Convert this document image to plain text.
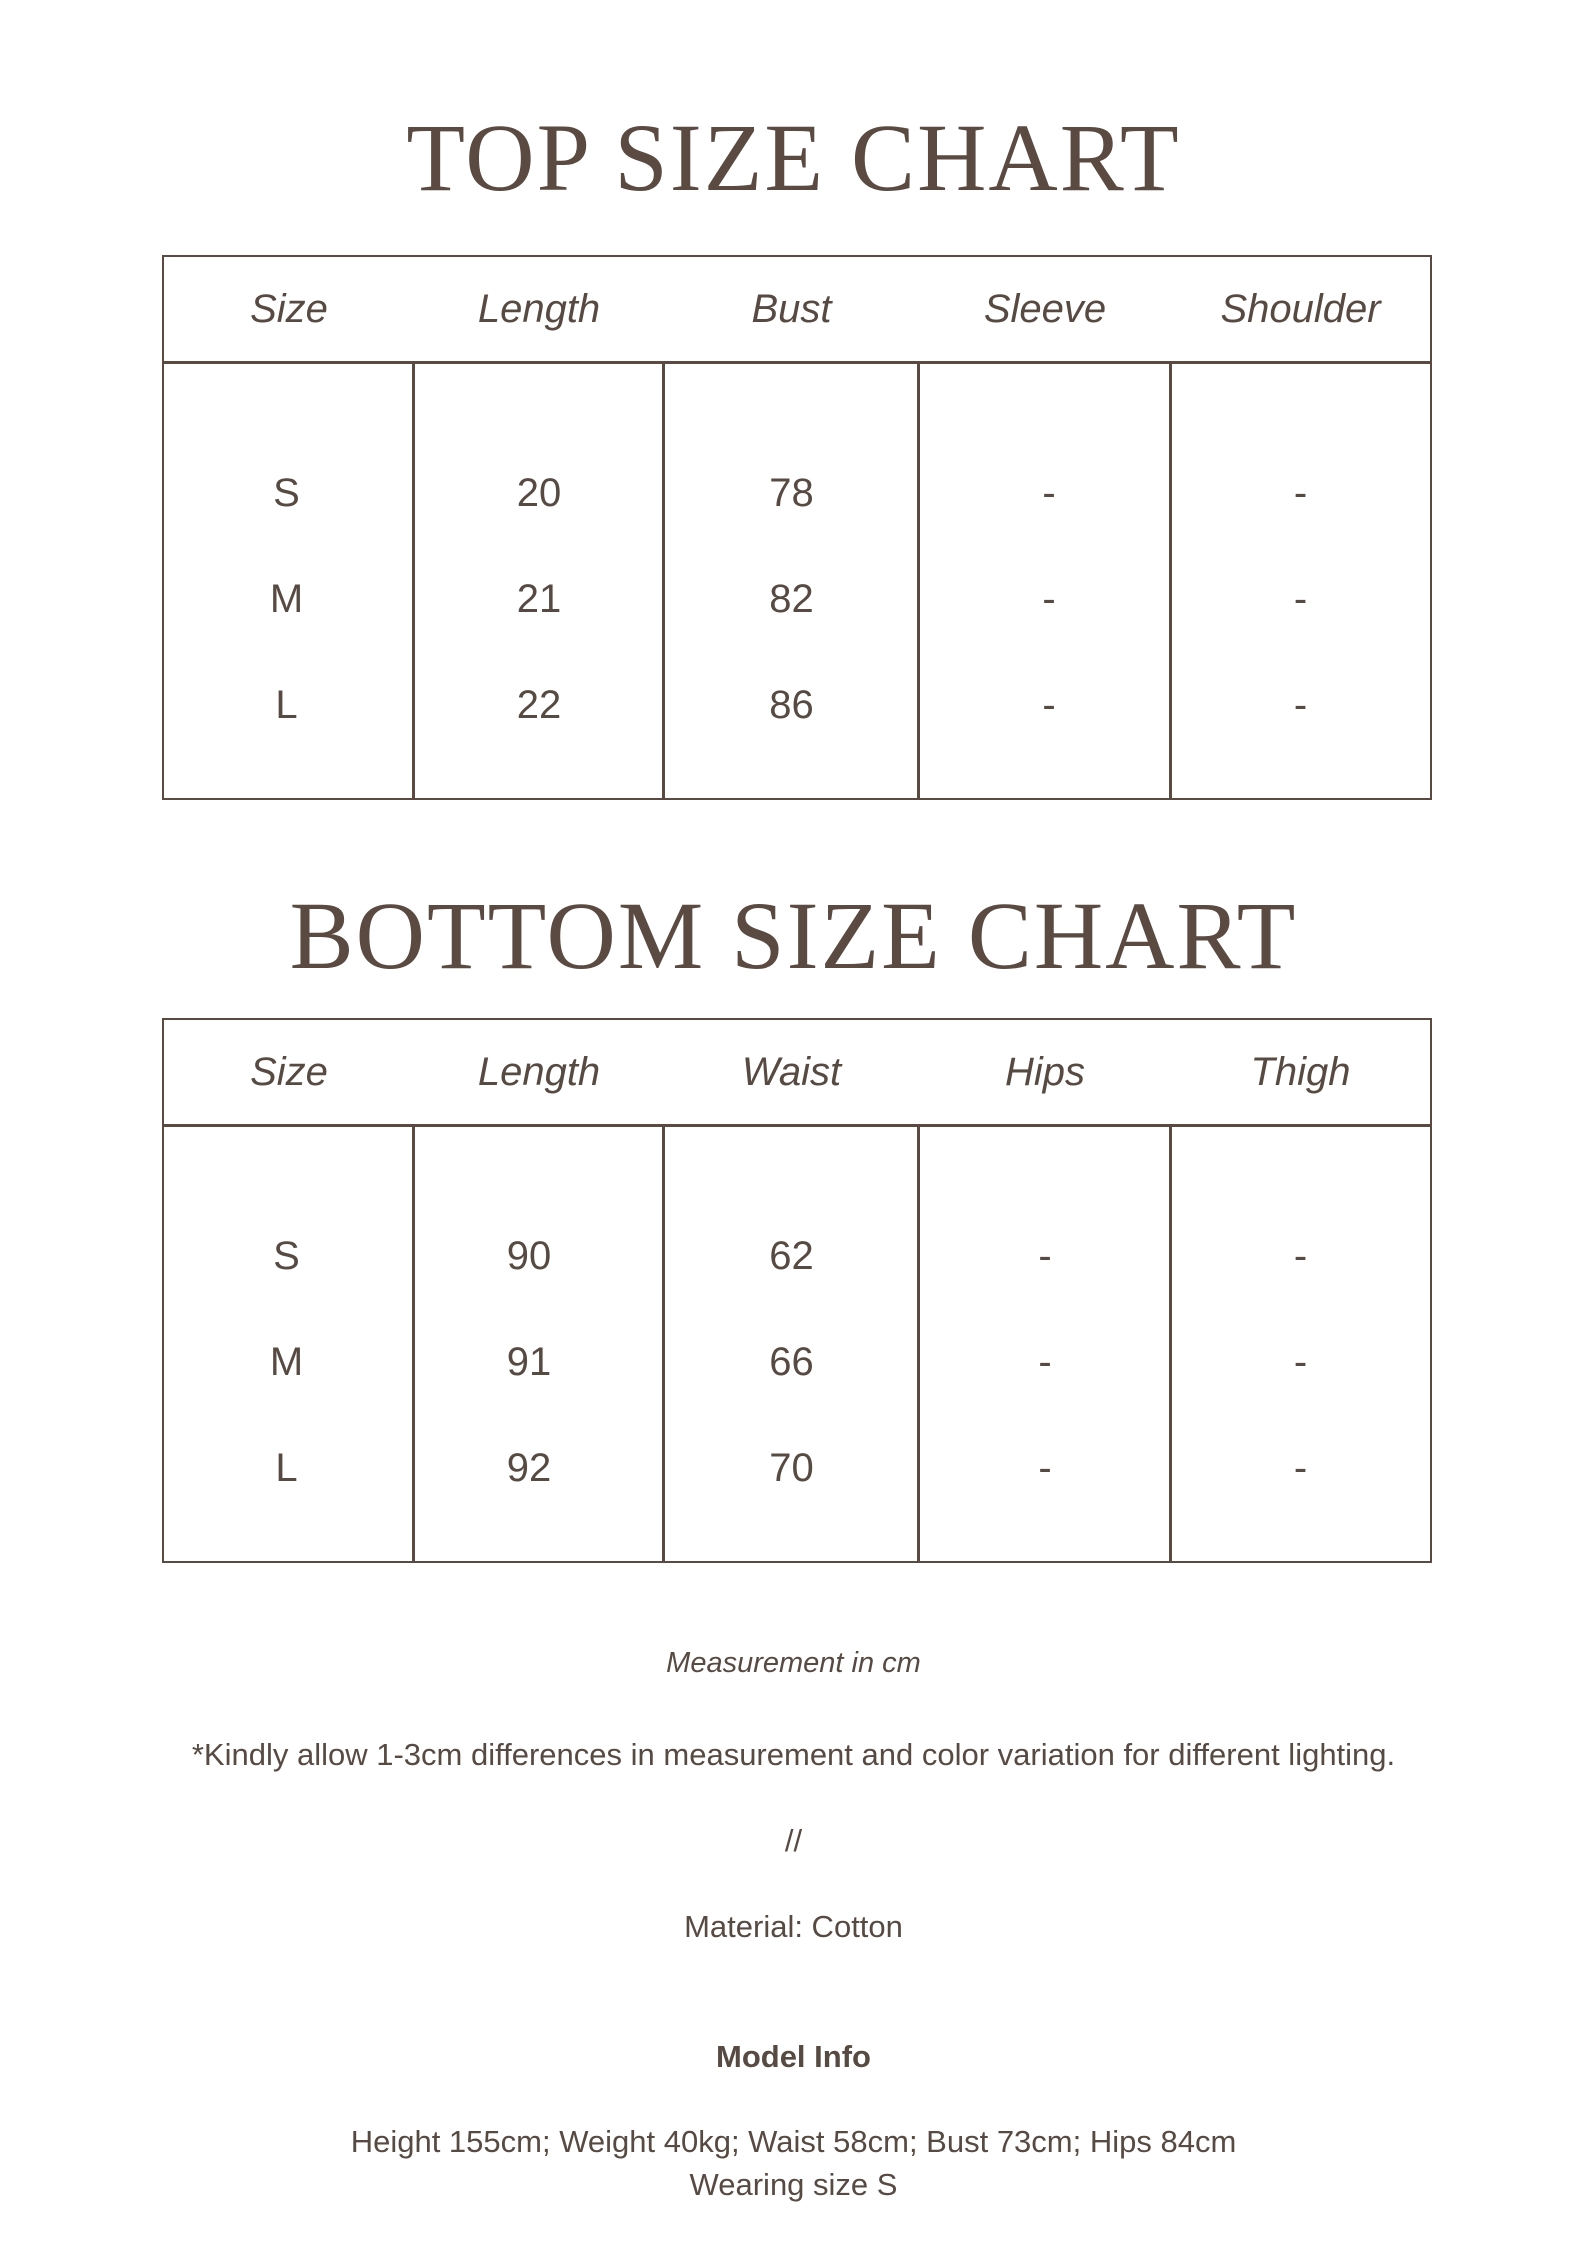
TOP SIZE CHART
Size	Length	Bust	Sleeve	Shoulder
S	20	78	-	-
M	21	82	-	-
L	22	86	-	-
BOTTOM SIZE CHART
Size	Length	Waist	Hips	Thigh
S	90	62	-	-
M	91	66	-	-
L	92	70	-	-
Measurement in cm
*Kindly allow 1-3cm differences in measurement and color variation for different lighting.
//
Material: Cotton
Model Info
Height 155cm; Weight 40kg; Waist 58cm; Bust 73cm; Hips 84cm
Wearing size S
